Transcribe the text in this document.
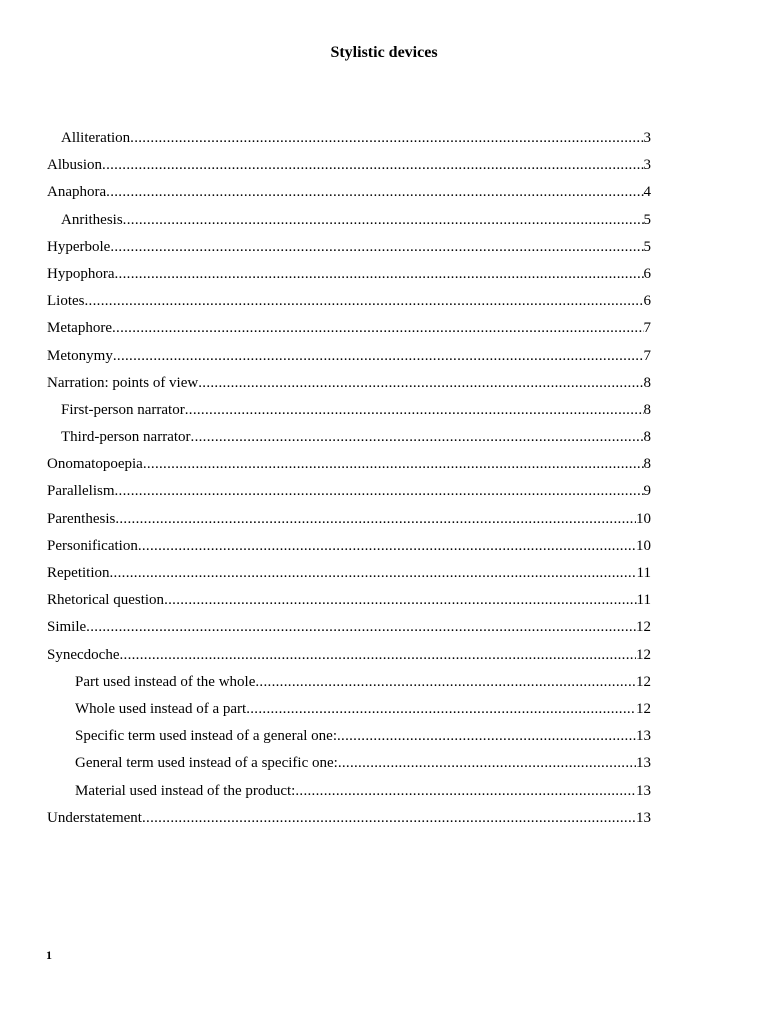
Stylistic devices
Alliteration .....	3
Albusion .....	3
Anaphora .....	4
Anrithesis .....	5
Hyperbole .....	5
Hypophora .....	6
Liotes .....	6
Metaphore .....	7
Metonymy .....	7
Narration: points of view .....	8
First-person narrator .....	8
Third-person narrator .....	8
Onomatopoepia .....	8
Parallelism .....	9
Parenthesis .....	10
Personification .....	10
Repetition .....	11
Rhetorical question .....	11
Simile .....	12
Synecdoche .....	12
Part used instead of the whole .....	12
Whole used instead of a part .....	12
Specific term used instead of a general one: .....	13
General term used instead of a specific one: .....	13
Material used instead of the product: .....	13
Understatement .....	13
1
